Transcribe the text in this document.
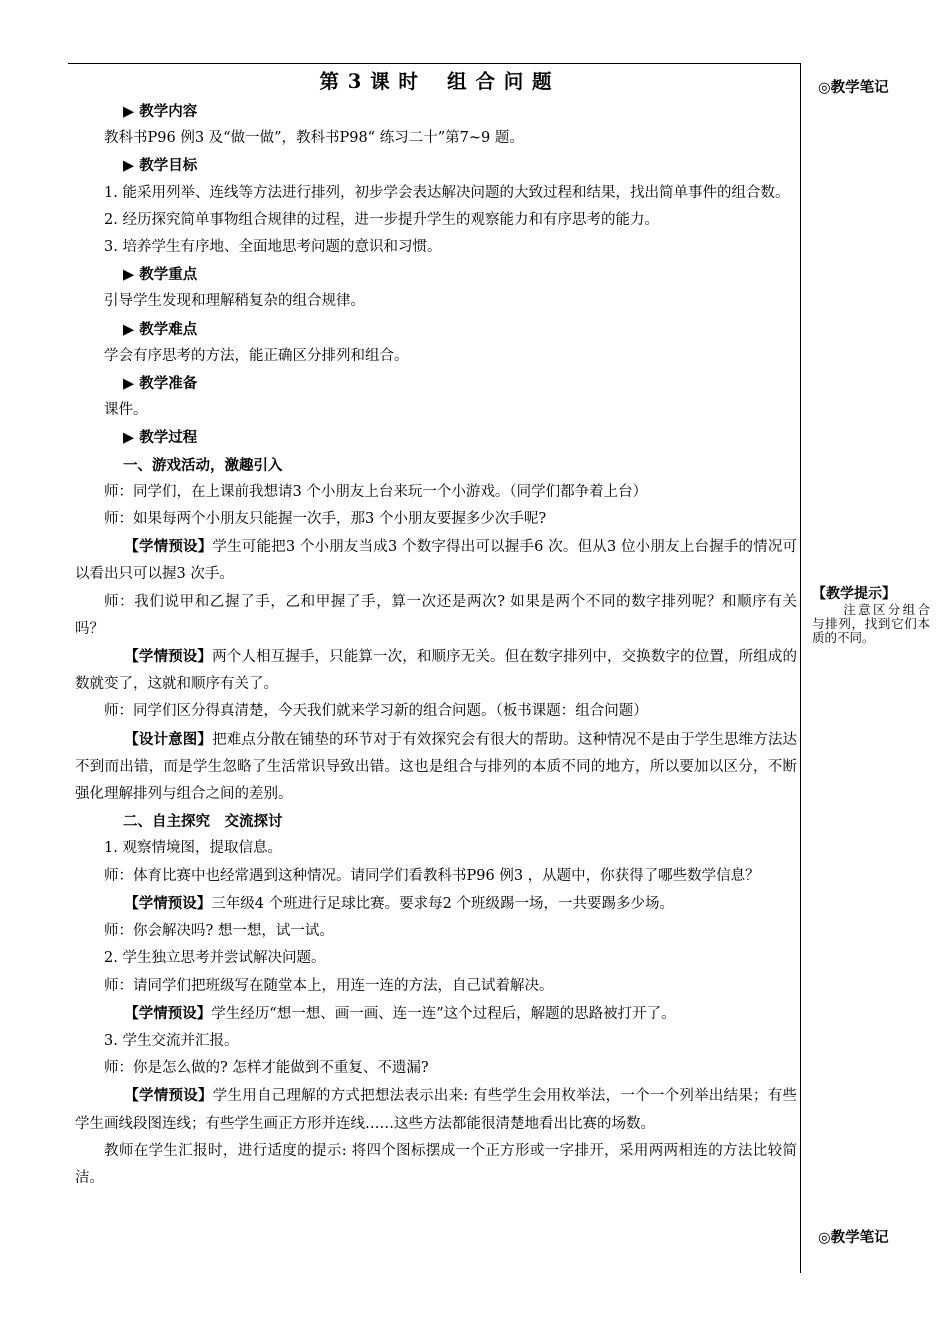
◎教学笔记
【教学提示】
注意区分组合与排列，找到它们本质的不同。
◎教学笔记
第 3 课 时　 组 合 问 题

▶ 教学内容

教科书P96 例3 及“做一做”，教科书P98“ 练习二十”第7~9 题。

▶ 教学目标

1. 能采用列举、连线等方法进行排列，初步学会表达解决问题的大致过程和结果，找出简单事件的组合数。

2. 经历探究简单事物组合规律的过程，进一步提升学生的观察能力和有序思考的能力。

3. 培养学生有序地、全面地思考问题的意识和习惯。

▶ 教学重点

引导学生发现和理解稍复杂的组合规律。

▶ 教学难点

学会有序思考的方法，能正确区分排列和组合。

▶ 教学准备

课件。

▶ 教学过程

一、游戏活动，激趣引入

师：同学们，在上课前我想请3 个小朋友上台来玩一个小游戏。（同学们都争着上台）

师：如果每两个小朋友只能握一次手，那3 个小朋友要握多少次手呢?

【学情预设】学生可能把3 个小朋友当成3 个数字得出可以握手6 次。但从3 位小朋友上台握手的情况可以看出只可以握3 次手。

师：我们说甲和乙握了手，乙和甲握了手，算一次还是两次? 如果是两个不同的数字排列呢？和顺序有关吗？

【学情预设】两个人相互握手，只能算一次，和顺序无关。但在数字排列中，交换数字的位置，所组成的数就变了，这就和顺序有关了。

师：同学们区分得真清楚，今天我们就来学习新的组合问题。（板书课题：组合问题）

【设计意图】把难点分散在铺垫的环节对于有效探究会有很大的帮助。这种情况不是由于学生思维方法达不到而出错，而是学生忽略了生活常识导致出错。这也是组合与排列的本质不同的地方，所以要加以区分，不断强化理解排列与组合之间的差别。

二、自主探究　交流探讨

1. 观察情境图，提取信息。

师：体育比赛中也经常遇到这种情况。请同学们看教科书P96 例3 ，从题中，你获得了哪些数学信息？

【学情预设】三年级4 个班进行足球比赛。要求每2 个班级踢一场，一共要踢多少场。

师：你会解决吗? 想一想，试一试。

2. 学生独立思考并尝试解决问题。

师：请同学们把班级写在随堂本上，用连一连的方法，自己试着解决。

【学情预设】学生经历“想一想、画一画、连一连”这个过程后，解题的思路被打开了。

3. 学生交流并汇报。

师：你是怎么做的? 怎样才能做到不重复、不遗漏?

【学情预设】学生用自己理解的方式把想法表示出来: 有些学生会用枚举法，一个一个列举出结果；有些学生画线段图连线；有些学生画正方形并连线……这些方法都能很清楚地看出比赛的场数。

教师在学生汇报时，进行适度的提示: 将四个图标摆成一个正方形或一字排开，采用两两相连的方法比较简洁。
